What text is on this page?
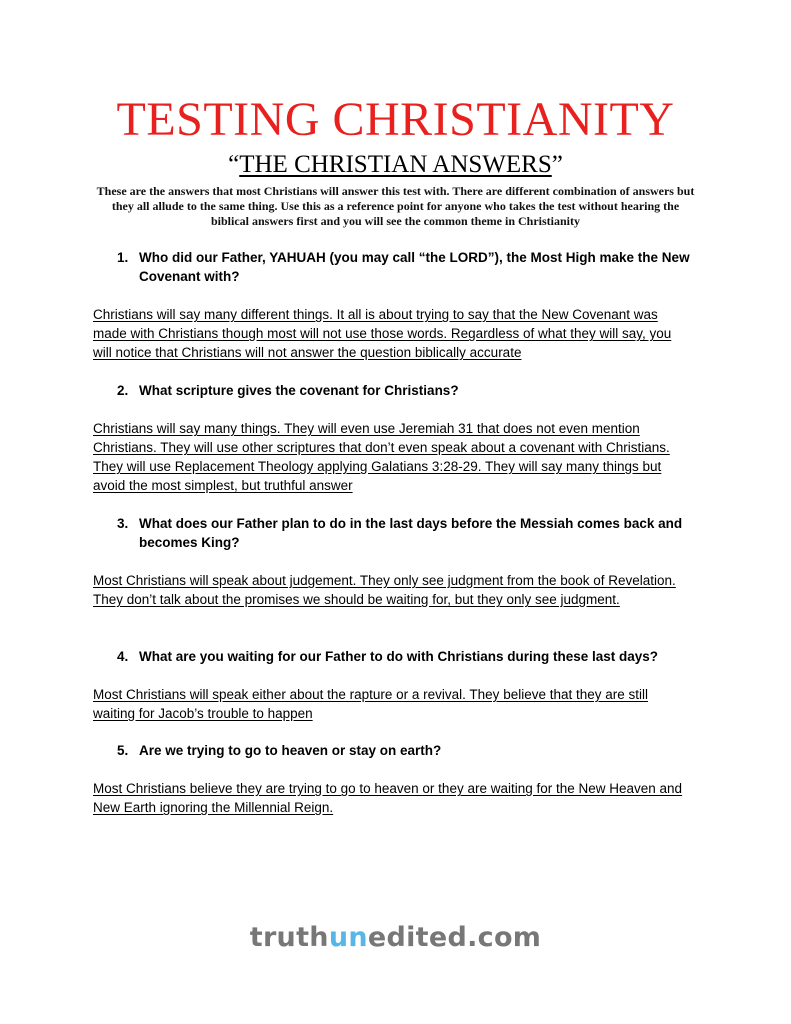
TESTING CHRISTIANITY
“THE CHRISTIAN ANSWERS”
These are the answers that most Christians will answer this test with. There are different combination of answers but they all allude to the same thing. Use this as a reference point for anyone who takes the test without hearing the biblical answers first and you will see the common theme in Christianity
1. Who did our Father, YAHUAH (you may call “the LORD”), the Most High make the New Covenant with?
Christians will say many different things. It all is about trying to say that the New Covenant was made with Christians though most will not use those words. Regardless of what they will say, you will notice that Christians will not answer the question biblically accurate
2. What scripture gives the covenant for Christians?
Christians will say many things. They will even use Jeremiah 31 that does not even mention Christians. They will use other scriptures that don’t even speak about a covenant with Christians. They will use Replacement Theology applying Galatians 3:28-29. They will say many things but avoid the most simplest, but truthful answer
3. What does our Father plan to do in the last days before the Messiah comes back and becomes King?
Most Christians will speak about judgement. They only see judgment from the book of Revelation. They don’t talk about the promises we should be waiting for, but they only see judgment.
4. What are you waiting for our Father to do with Christians during these last days?
Most Christians will speak either about the rapture or a revival. They believe that they are still waiting for Jacob’s trouble to happen
5. Are we trying to go to heaven or stay on earth?
Most Christians believe they are trying to go to heaven or they are waiting for the New Heaven and New Earth ignoring the Millennial Reign.
truthunedited.com
